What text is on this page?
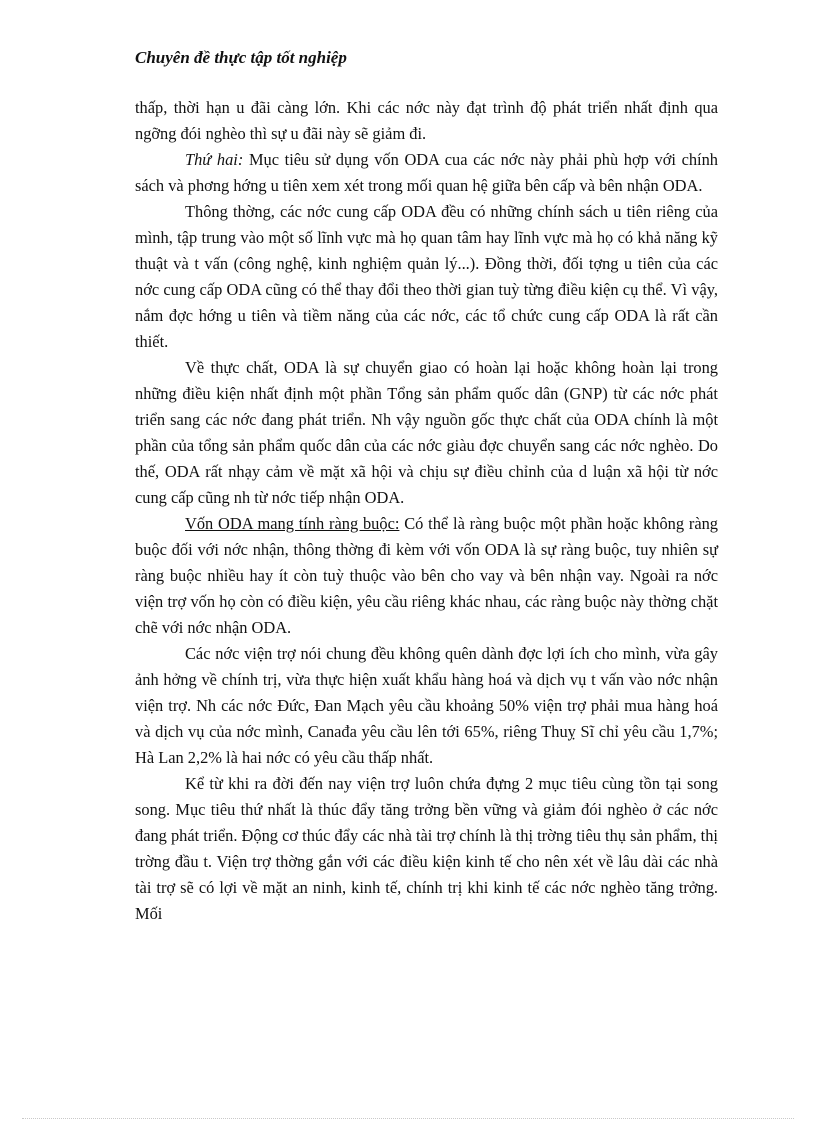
Chuyên đề thực tập tốt nghiệp

thấp, thời hạn u đãi càng lớn. Khi các nớc này đạt trình độ phát triển nhất định qua ngỡng đói nghèo thì sự u đãi này sẽ giảm đi.

Thứ hai: Mục tiêu sử dụng vốn ODA cua các nớc này phải phù hợp với chính sách và phơng hớng u tiên xem xét trong mối quan hệ giữa bên cấp và bên nhận ODA.

Thông thờng, các nớc cung cấp ODA đều có những chính sách u tiên riêng của mình, tập trung vào một số lĩnh vực mà họ quan tâm hay lĩnh vực mà họ có khả năng kỹ thuật và t vấn (công nghệ, kinh nghiệm quản lý...). Đồng thời, đối tợng u tiên của các nớc cung cấp ODA cũng có thể thay đổi theo thời gian tuỳ từng điều kiện cụ thể. Vì vậy, nắm đợc hớng u tiên và tiềm năng của các nớc, các tổ chức cung cấp ODA là rất cần thiết.

Về thực chất, ODA là sự chuyển giao có hoàn lại hoặc không hoàn lại trong những điều kiện nhất định một phần Tổng sản phẩm quốc dân (GNP) từ các nớc phát triển sang các nớc đang phát triển. Nh vậy nguồn gốc thực chất của ODA chính là một phần của tổng sản phẩm quốc dân của các nớc giàu đợc chuyển sang các nớc nghèo. Do thế, ODA rất nhạy cảm về mặt xã hội và chịu sự điều chỉnh của d luận xã hội từ nớc cung cấp cũng nh từ nớc tiếp nhận ODA.

Vốn ODA mang tính ràng buộc: Có thể là ràng buộc một phần hoặc không ràng buộc đối với nớc nhận, thông thờng đi kèm với vốn ODA là sự ràng buộc, tuy nhiên sự ràng buộc nhiều hay ít còn tuỳ thuộc vào bên cho vay và bên nhận vay. Ngoài ra nớc viện trợ vốn họ còn có điều kiện, yêu cầu riêng khác nhau, các ràng buộc này thờng chặt chẽ với nớc nhận ODA.

Các nớc viện trợ nói chung đều không quên dành đợc lợi ích cho mình, vừa gây ảnh hởng về chính trị, vừa thực hiện xuất khẩu hàng hoá và dịch vụ t vấn vào nớc nhận viện trợ. Nh các nớc Đức, Đan Mạch yêu cầu khoảng 50% viện trợ phải mua hàng hoá và dịch vụ của nớc mình, Canađa yêu cầu lên tới 65%, riêng Thuỵ Sĩ chỉ yêu cầu 1,7%; Hà Lan 2,2% là hai nớc có yêu cầu thấp nhất.

Kể từ khi ra đời đến nay viện trợ luôn chứa đựng 2 mục tiêu cùng tồn tại song song. Mục tiêu thứ nhất là thúc đẩy tăng trởng bền vững và giảm đói nghèo ở các nớc đang phát triển. Động cơ thúc đẩy các nhà tài trợ chính là thị trờng tiêu thụ sản phẩm, thị trờng đầu t. Viện trợ thờng gắn với các điều kiện kinh tế cho nên xét về lâu dài các nhà tài trợ sẽ có lợi về mặt an ninh, kinh tế, chính trị khi kinh tế các nớc nghèo tăng trởng. Mối
